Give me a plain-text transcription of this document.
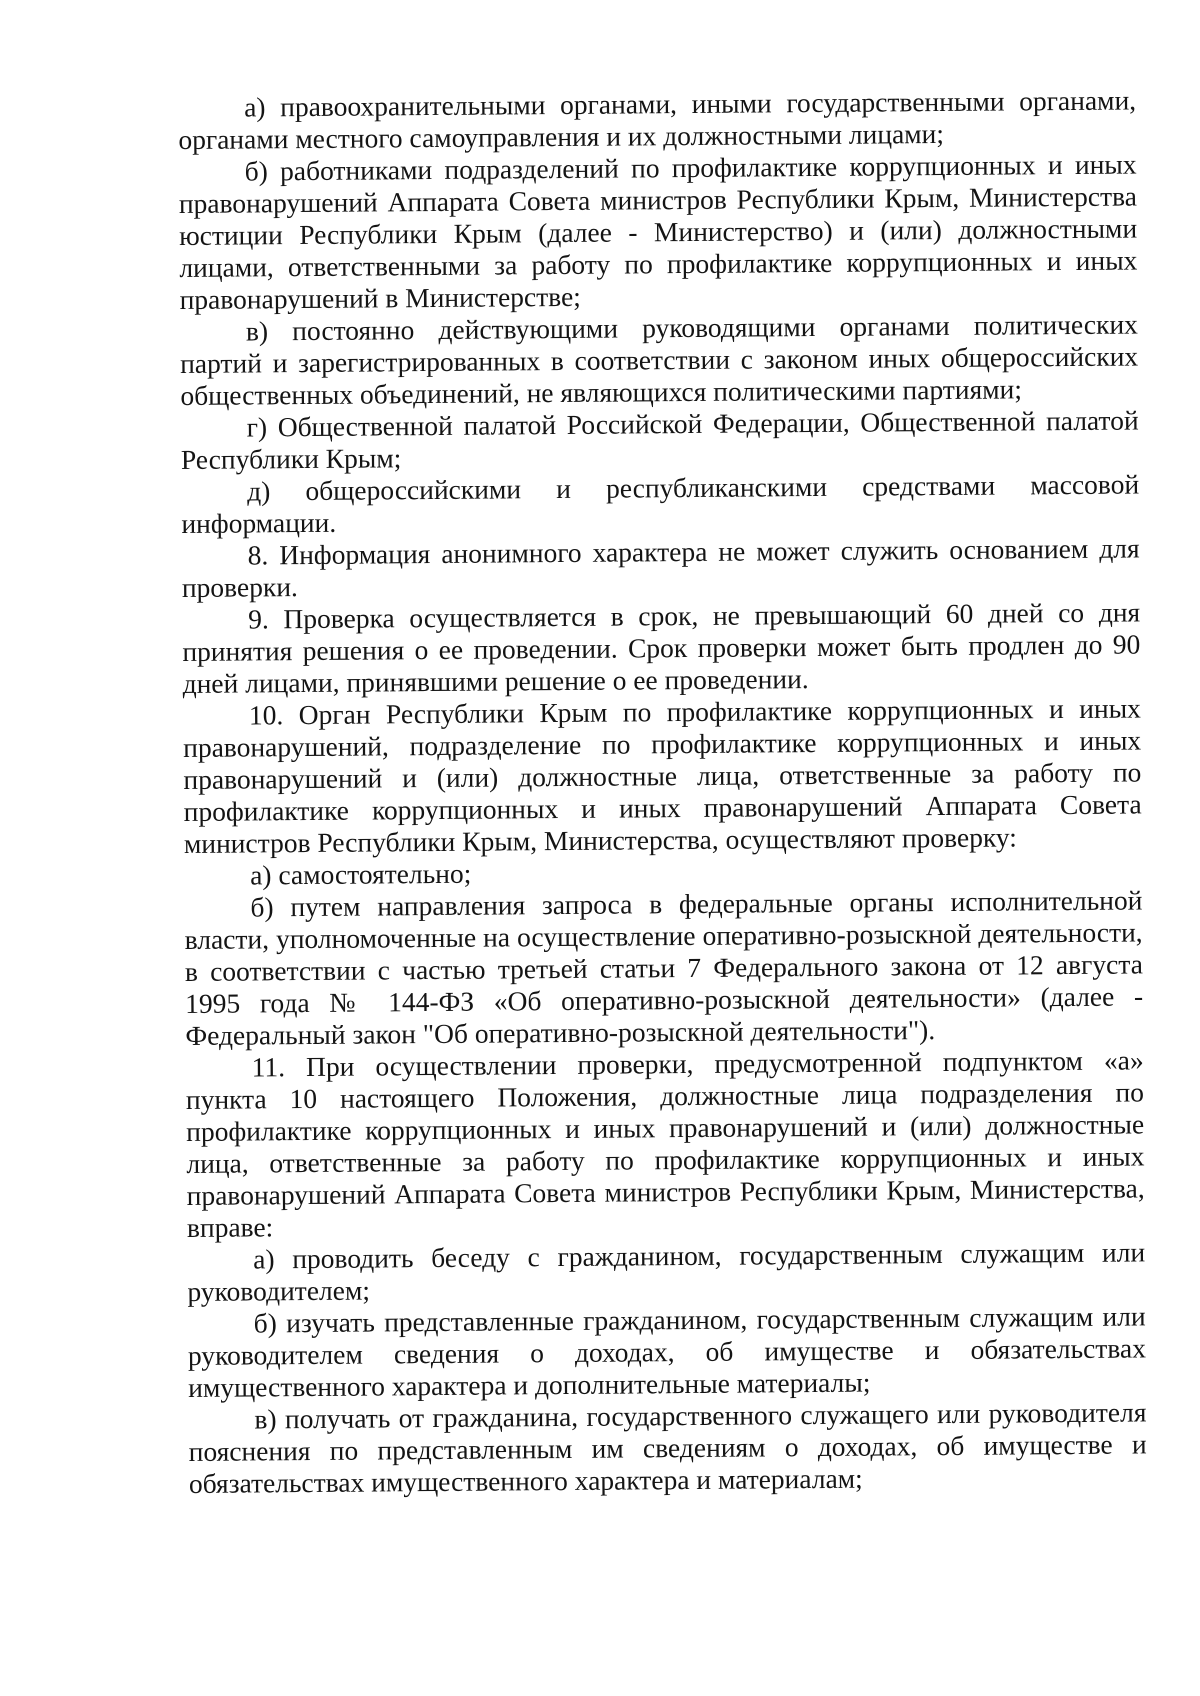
а) правоохранительными органами, иными государственными органами, органами местного самоуправления и их должностными лицами;

б) работниками подразделений по профилактике коррупционных и иных правонарушений Аппарата Совета министров Республики Крым, Министерства юстиции Республики Крым (далее - Министерство) и (или) должностными лицами, ответственными за работу по профилактике коррупционных и иных правонарушений в Министерстве;

в) постоянно действующими руководящими органами политических партий и зарегистрированных в соответствии с законом иных общероссийских общественных объединений, не являющихся политическими партиями;

г) Общественной палатой Российской Федерации, Общественной палатой Республики Крым;

д) общероссийскими и республиканскими средствами массовой информации.

8. Информация анонимного характера не может служить основанием для проверки.

9. Проверка осуществляется в срок, не превышающий 60 дней со дня принятия решения о ее проведении. Срок проверки может быть продлен до 90 дней лицами, принявшими решение о ее проведении.

10. Орган Республики Крым по профилактике коррупционных и иных правонарушений, подразделение по профилактике коррупционных и иных правонарушений и (или) должностные лица, ответственные за работу по профилактике коррупционных и иных правонарушений Аппарата Совета министров Республики Крым, Министерства, осуществляют проверку:

а) самостоятельно;

б) путем направления запроса в федеральные органы исполнительной власти, уполномоченные на осуществление оперативно-розыскной деятельности, в соответствии с частью третьей статьи 7 Федерального закона от 12 августа 1995 года № 144-ФЗ «Об оперативно-розыскной деятельности» (далее - Федеральный закон "Об оперативно-розыскной деятельности").

11. При осуществлении проверки, предусмотренной подпунктом «а» пункта 10 настоящего Положения, должностные лица подразделения по профилактике коррупционных и иных правонарушений и (или) должностные лица, ответственные за работу по профилактике коррупционных и иных правонарушений Аппарата Совета министров Республики Крым, Министерства, вправе:

а) проводить беседу с гражданином, государственным служащим или руководителем;

б) изучать представленные гражданином, государственным служащим или руководителем сведения о доходах, об имуществе и обязательствах имущественного характера и дополнительные материалы;

в) получать от гражданина, государственного служащего или руководителя пояснения по представленным им сведениям о доходах, об имуществе и обязательствах имущественного характера и материалам;
